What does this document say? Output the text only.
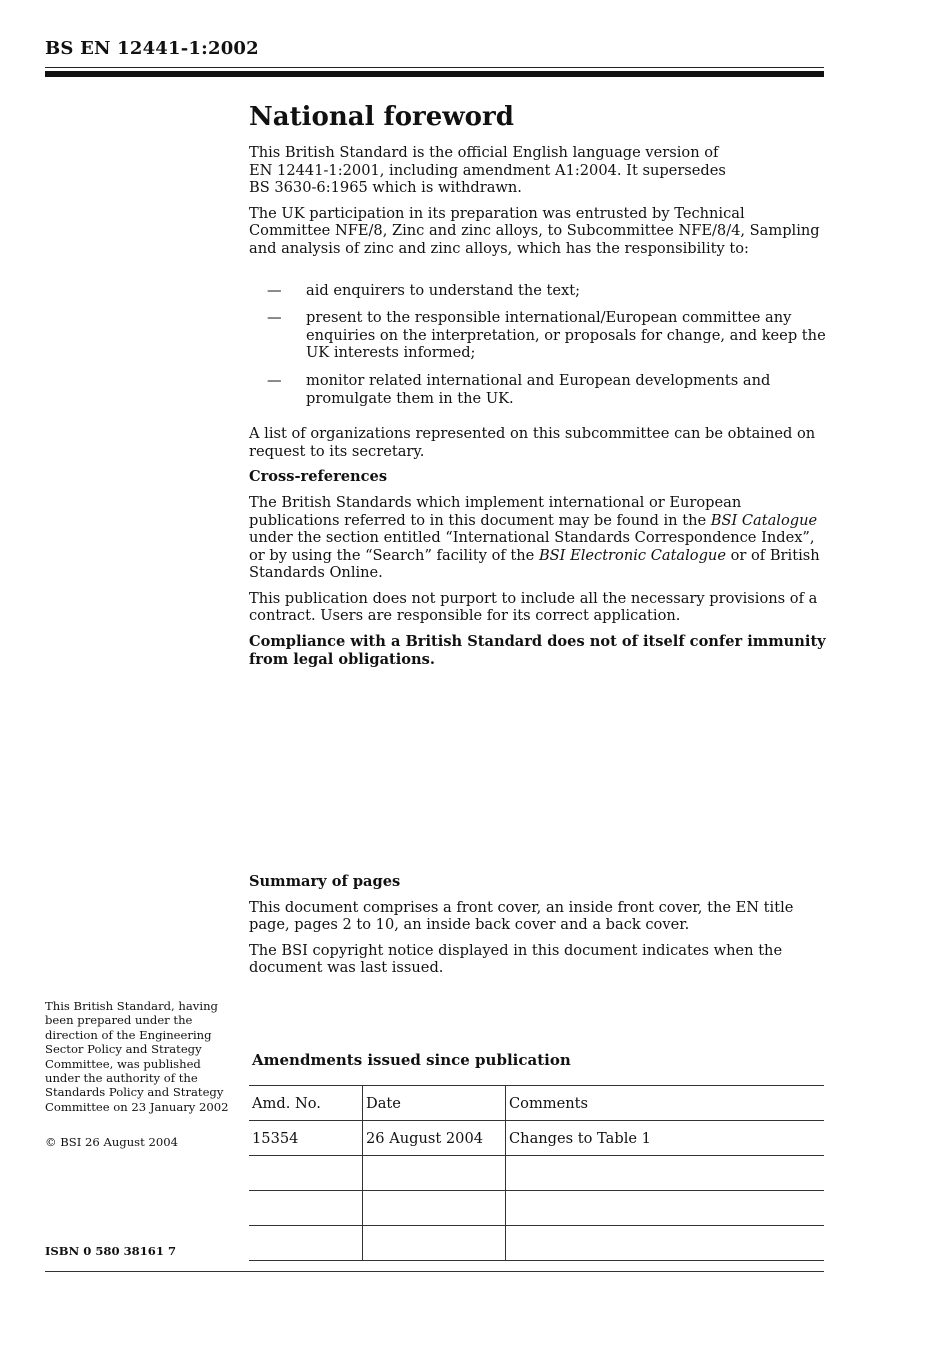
BS EN 12441-1:2002
National foreword

This British Standard is the official English language version of
EN 12441-1:2001, including amendment A1:2004. It supersedes
BS 3630-6:1965 which is withdrawn.

The UK participation in its preparation was entrusted by Technical Committee NFE/8, Zinc and zinc alloys, to Subcommittee NFE/8/4, Sampling and analysis of zinc and zinc alloys, which has the responsibility to:

— aid enquirers to understand the text;
— present to the responsible international/European committee any enquiries on the interpretation, or proposals for change, and keep the UK interests informed;
— monitor related international and European developments and promulgate them in the UK.

A list of organizations represented on this subcommittee can be obtained on request to its secretary.

Cross-references

The British Standards which implement international or European publications referred to in this document may be found in the BSI Catalogue under the section entitled “International Standards Correspondence Index”, or by using the “Search” facility of the BSI Electronic Catalogue or of British Standards Online.

This publication does not purport to include all the necessary provisions of a contract. Users are responsible for its correct application.

Compliance with a British Standard does not of itself confer immunity from legal obligations.

Summary of pages

This document comprises a front cover, an inside front cover, the EN title page, pages 2 to 10, an inside back cover and a back cover.

The BSI copyright notice displayed in this document indicates when the document was last issued.

This British Standard, having
been prepared under the
direction of the Engineering
Sector Policy and Strategy
Committee, was published
under the authority of the
Standards Policy and Strategy
Committee on 23 January 2002
© BSI 26 August 2004
Amendments issued since publication
Amd. No.	Date	Comments
15354	26 August 2004	Changes to Table 1

ISBN 0 580 38161 7
